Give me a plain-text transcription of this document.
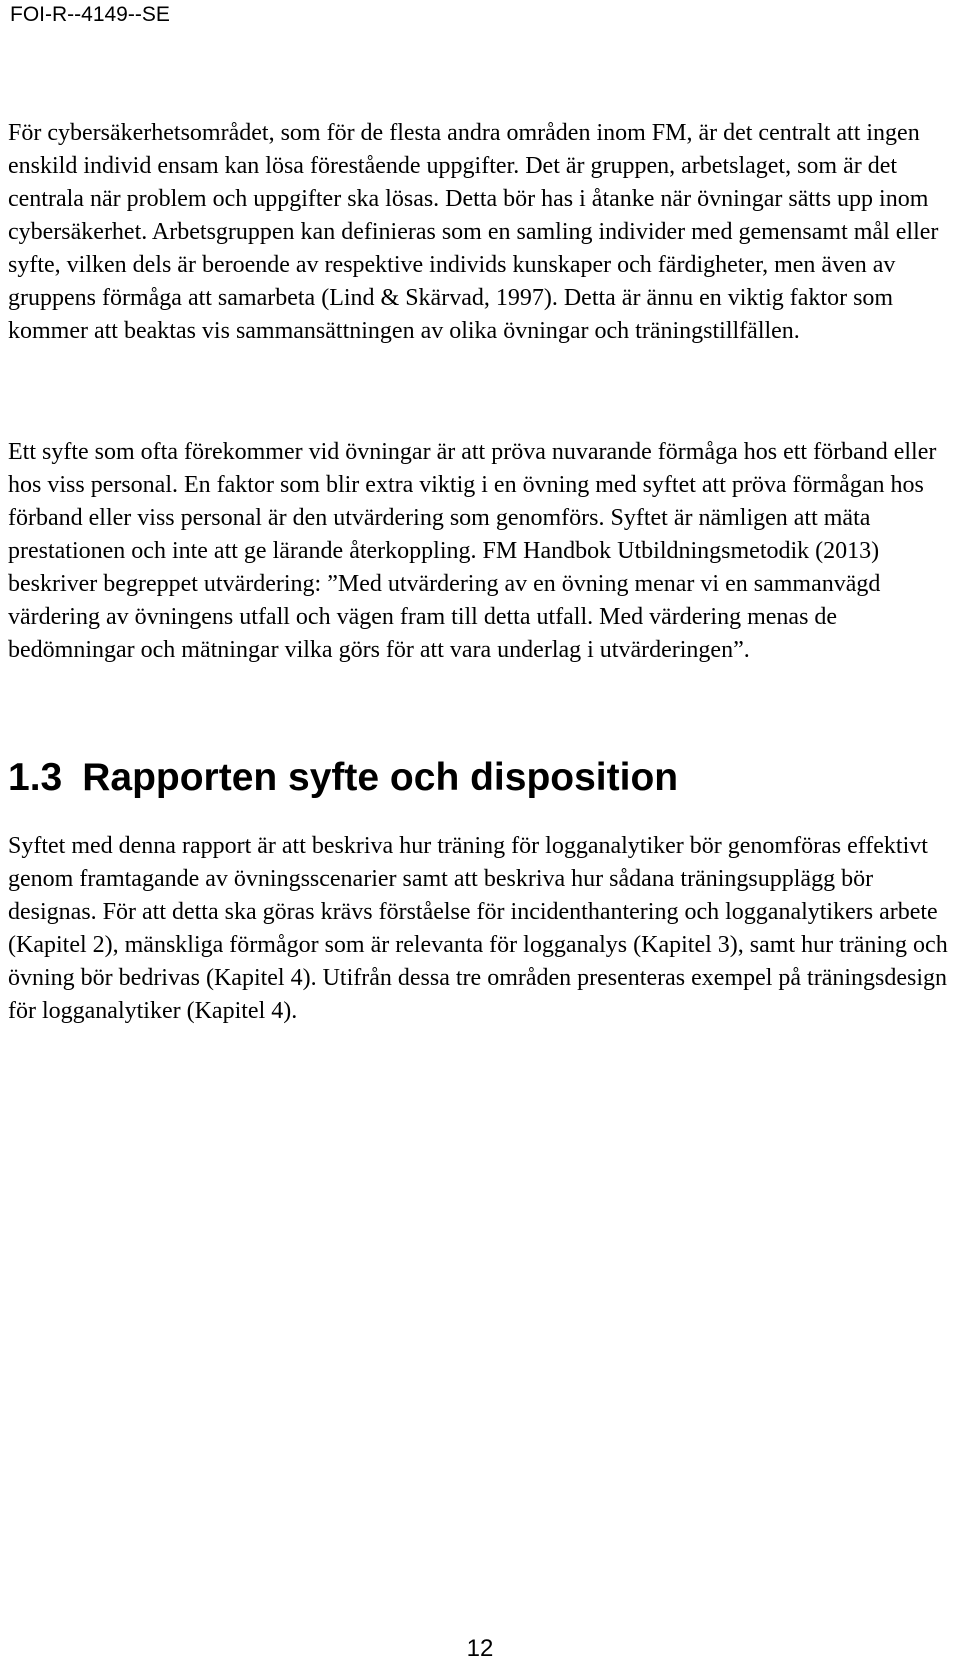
FOI-R--4149--SE

För cybersäkerhetsområdet, som för de flesta andra områden inom FM, är det centralt att ingen enskild individ ensam kan lösa förestående uppgifter. Det är gruppen, arbetslaget, som är det centrala när problem och uppgifter ska lösas. Detta bör has i åtanke när övningar sätts upp inom cybersäkerhet. Arbetsgruppen kan definieras som en samling individer med gemensamt mål eller syfte, vilken dels är beroende av respektive individs kunskaper och färdigheter, men även av gruppens förmåga att samarbeta (Lind & Skärvad, 1997). Detta är ännu en viktig faktor som kommer att beaktas vis sammansättningen av olika övningar och träningstillfällen.

Ett syfte som ofta förekommer vid övningar är att pröva nuvarande förmåga hos ett förband eller hos viss personal. En faktor som blir extra viktig i en övning med syftet att pröva förmågan hos förband eller viss personal är den utvärdering som genomförs. Syftet är nämligen att mäta prestationen och inte att ge lärande återkoppling. FM Handbok Utbildningsmetodik (2013) beskriver begreppet utvärdering: ”Med utvärdering av en övning menar vi en sammanvägd värdering av övningens utfall och vägen fram till detta utfall. Med värdering menas de bedömningar och mätningar vilka görs för att vara underlag i utvärderingen”.

1.3 Rapporten syfte och disposition

Syftet med denna rapport är att beskriva hur träning för logganalytiker bör genomföras effektivt genom framtagande av övningsscenarier samt att beskriva hur sådana träningsupplägg bör designas. För att detta ska göras krävs förståelse för incidenthantering och logganalytikers arbete (Kapitel 2), mänskliga förmågor som är relevanta för logganalys (Kapitel 3), samt hur träning och övning bör bedrivas (Kapitel 4). Utifrån dessa tre områden presenteras exempel på träningsdesign för logganalytiker (Kapitel 4).

12
